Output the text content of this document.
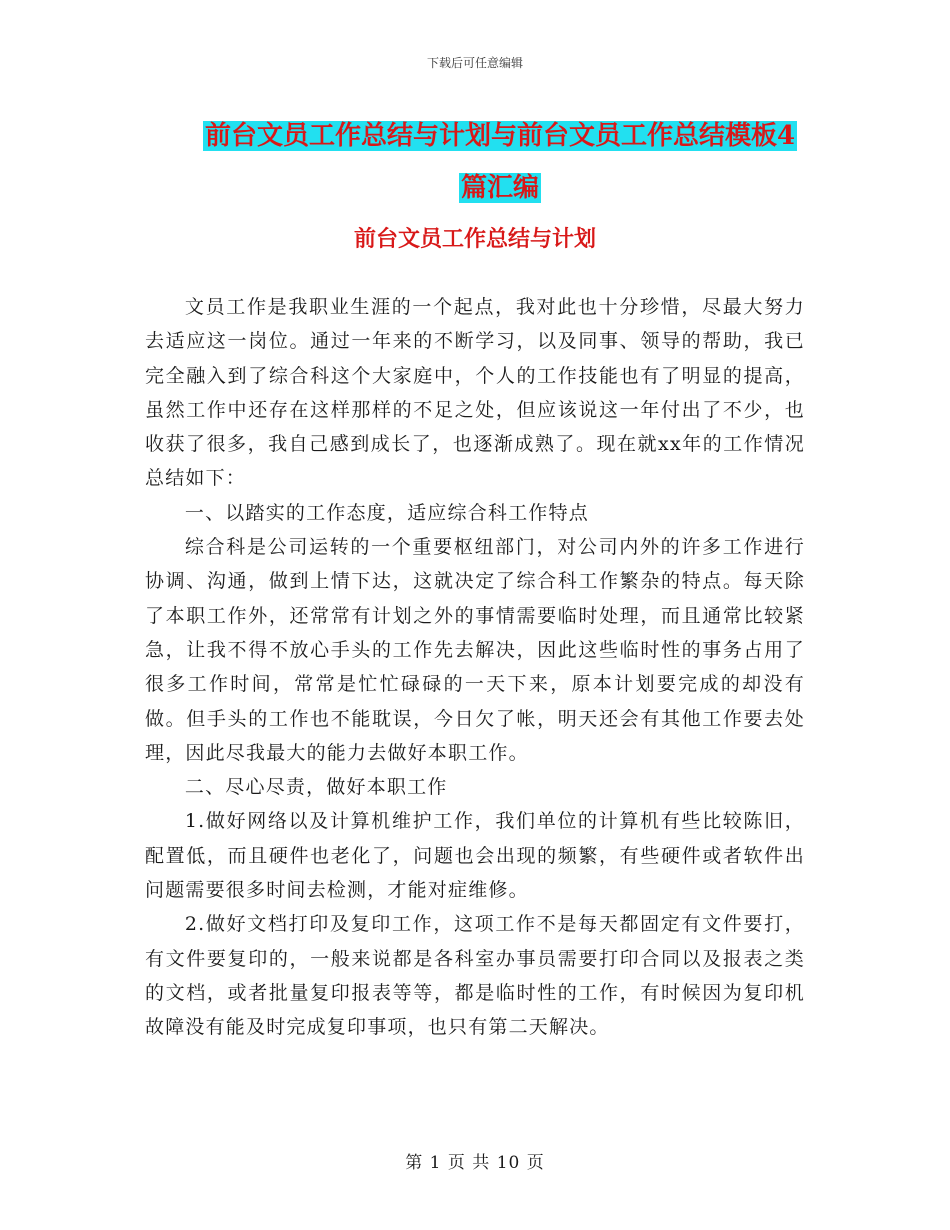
下载后可任意编辑
前台文员工作总结与计划与前台文员工作总结模板4
篇汇编
前台文员工作总结与计划

文员工作是我职业生涯的一个起点，我对此也十分珍惜，尽最大努力去适应这一岗位。通过一年来的不断学习，以及同事、领导的帮助，我已完全融入到了综合科这个大家庭中，个人的工作技能也有了明显的提高，虽然工作中还存在这样那样的不足之处，但应该说这一年付出了不少，也收获了很多，我自己感到成长了，也逐渐成熟了。现在就xx年的工作情况总结如下：

一、以踏实的工作态度，适应综合科工作特点

综合科是公司运转的一个重要枢纽部门，对公司内外的许多工作进行协调、沟通，做到上情下达，这就决定了综合科工作繁杂的特点。每天除了本职工作外，还常常有计划之外的事情需要临时处理，而且通常比较紧急，让我不得不放心手头的工作先去解决，因此这些临时性的事务占用了很多工作时间，常常是忙忙碌碌的一天下来，原本计划要完成的却没有做。但手头的工作也不能耽误，今日欠了帐，明天还会有其他工作要去处理，因此尽我最大的能力去做好本职工作。

二、尽心尽责，做好本职工作

1.做好网络以及计算机维护工作，我们单位的计算机有些比较陈旧，配置低，而且硬件也老化了，问题也会出现的频繁，有些硬件或者软件出问题需要很多时间去检测，才能对症维修。

2.做好文档打印及复印工作，这项工作不是每天都固定有文件要打，有文件要复印的，一般来说都是各科室办事员需要打印合同以及报表之类的文档，或者批量复印报表等等，都是临时性的工作，有时候因为复印机故障没有能及时完成复印事项，也只有第二天解决。

第 1 页 共 10 页
